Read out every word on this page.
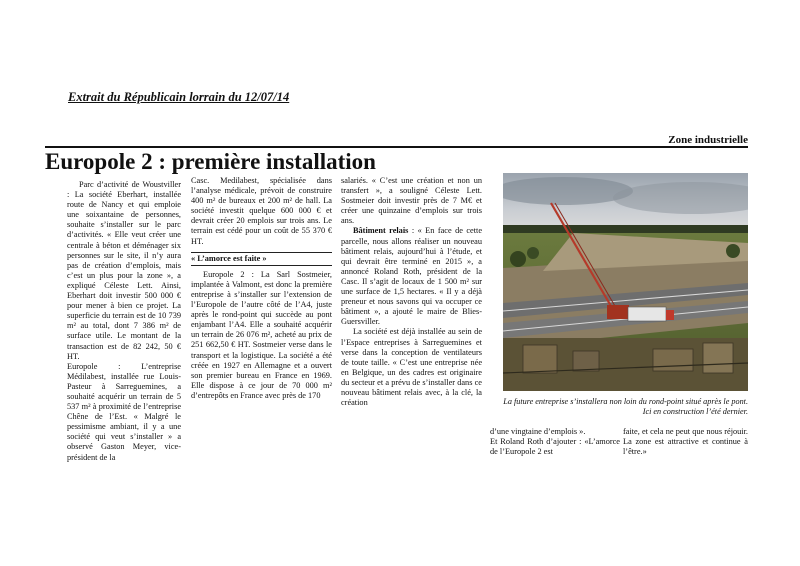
Extrait du Républicain lorrain du 12/07/14
Zone industrielle
Europole 2 : première installation

Parc d’activité de Woustviller : La société Eberhart, installée route de Nancy et qui emploie une soixantaine de personnes, souhaite s’installer sur le parc d’activités. « Elle veut créer une centrale à béton et déménager six personnes sur le site, il n’y aura pas de création d’emplois, mais c’est un plus pour la zone », a expliqué Céleste Lett. Ainsi, Eberhart doit investir 500 000 € pour mener à bien ce projet. La superficie du terrain est de 10 739 m² au total, dont 7 386 m² de surface utile. Le montant de la transaction est de 82 242, 50 € HT.

Europole : L’entreprise Médilabest, installée rue Louis-Pasteur à Sarreguemines, a souhaité acquérir un terrain de 5 537 m² à proximité de l’entreprise Chêne de l’Est. « Malgré le pessimisme ambiant, il y a une société qui veut s’installer » a observé Gaston Meyer, vice-président de la

Casc. Medilabest, spécialisée dans l’analyse médicale, prévoit de construire 400 m² de bureaux et 200 m² de hall. La société investit quelque 600 000 € et devrait créer 20 emplois sur trois ans. Le terrain est cédé pour un coût de 55 370 € HT.

« L’amorce est faite »

Europole 2 : La Sarl Sostmeier, implantée à Valmont, est donc la première entreprise à s’installer sur l’extension de l’Europole de l’autre côté de l’A4, juste après le rond-point qui succède au pont enjambant l’A4. Elle a souhaité acquérir un terrain de 26 076 m², acheté au prix de 251 662,50 € HT. Sostmeier verse dans le transport et la logistique. La société a été créée en 1927 en Allemagne et a ouvert son premier bureau en France en 1969. Elle dispose à ce jour de 70 000 m² d’entrepôts en France avec près de 170

salariés. « C’est une création et non un transfert », a souligné Céleste Lett. Sostmeier doit investir près de 7 M€ et créer une quinzaine d’emplois sur trois ans.

Bâtiment relais : « En face de cette parcelle, nous allons réaliser un nouveau bâtiment relais, aujourd’hui à l’étude, et qui devrait être terminé en 2015 », a annoncé Roland Roth, président de la Casc. Il s’agit de locaux de 1 500 m² sur une surface de 1,5 hectares. « Il y a déjà preneur et nous savons qui va occuper ce bâtiment », a ajouté le maire de Blies-Guersviller.

La société est déjà installée au sein de l’Espace entreprises à Sarreguemines et verse dans la conception de ventilateurs de toute taille. « C’est une entreprise née en Belgique, un des cadres est originaire du secteur et a prévu de s’installer dans ce nouveau bâtiment relais avec, à la clé, la création	La future entreprise s’installera non loin du rond-point situé après le pont. Ici en construction l’été dernier.

d’une vingtaine d’emplois ».

Et Roland Roth d’ajouter : «L’amorce de l’Europole 2 est

faite, et cela ne peut que nous réjouir. La zone est attractive et continue à l’être.»
